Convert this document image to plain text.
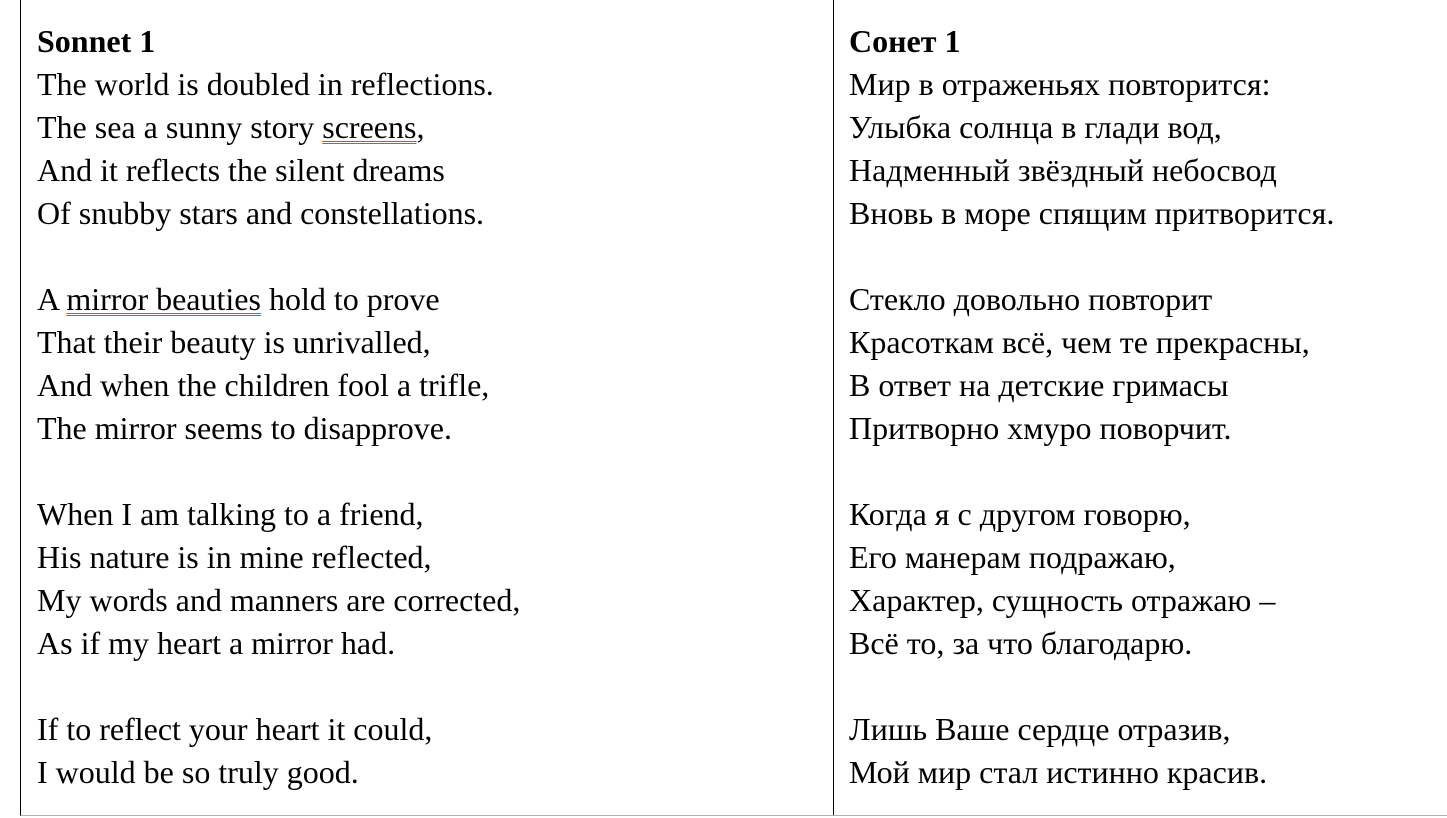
Sonnet 1
The world is doubled in reflections.
The sea a sunny story screens,
And it reflects the silent dreams
Of snubby stars and constellations.
A mirror beauties hold to prove
That their beauty is unrivalled,
And when the children fool a trifle,
The mirror seems to disapprove.
When I am talking to a friend,
His nature is in mine reflected,
My words and manners are corrected,
As if my heart a mirror had.
If to reflect your heart it could,
I would be so truly good.
Сонет 1
Мир в отраженьях повторится:
Улыбка солнца в глади вод,
Надменный звёздный небосвод
Вновь в море спящим притворится.
Стекло довольно повторит
Красоткам всё, чем те прекрасны,
В ответ на детские гримасы
Притворно хмуро поворчит.
Когда я с другом говорю,
Его манерам подражаю,
Характер, сущность отражаю –
Всё то, за что благодарю.
Лишь Ваше сердце отразив,
Мой мир стал истинно красив.
